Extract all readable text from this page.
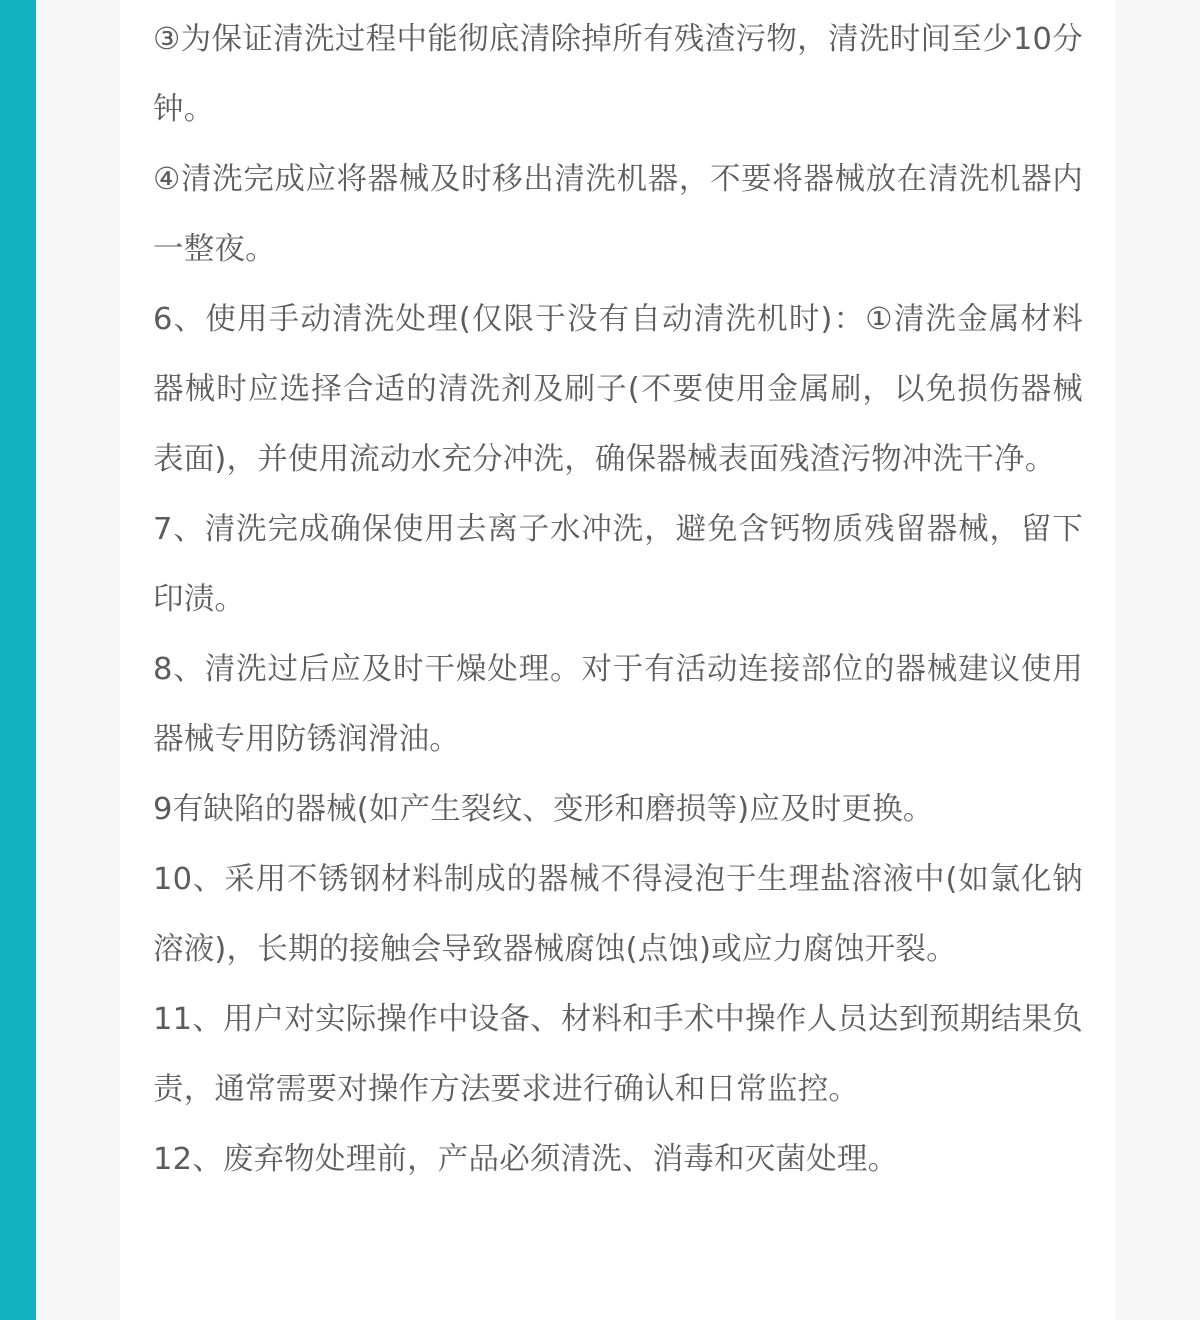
③为保证清洗过程中能彻底清除掉所有残渣污物，清洗时间至少10分钟。

④清洗完成应将器械及时移出清洗机器，不要将器械放在清洗机器内一整夜。

6、使用手动清洗处理(仅限于没有自动清洗机时)：①清洗金属材料器械时应选择合适的清洗剂及刷子(不要使用金属刷，以免损伤器械表面)，并使用流动水充分冲洗，确保器械表面残渣污物冲洗干净。

7、清洗完成确保使用去离子水冲洗，避免含钙物质残留器械，留下印渍。

8、清洗过后应及时干燥处理。对于有活动连接部位的器械建议使用器械专用防锈润滑油。

9有缺陷的器械(如产生裂纹、变形和磨损等)应及时更换。

10、采用不锈钢材料制成的器械不得浸泡于生理盐溶液中(如氯化钠溶液)，长期的接触会导致器械腐蚀(点蚀)或应力腐蚀开裂。

11、用户对实际操作中设备、材料和手术中操作人员达到预期结果负责，通常需要对操作方法要求进行确认和日常监控。

12、废弃物处理前，产品必须清洗、消毒和灭菌处理。
